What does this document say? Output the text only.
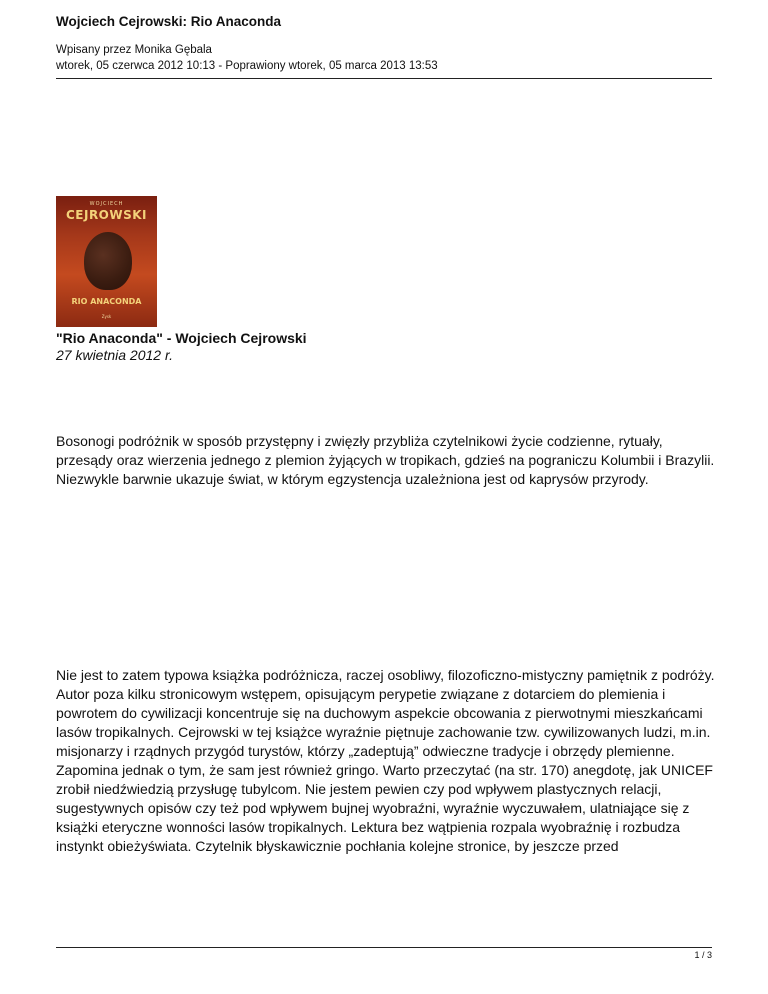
Wojciech Cejrowski: Rio Anaconda
Wpisany przez Monika Gębala
wtorek, 05 czerwca 2012 10:13 - Poprawiony wtorek, 05 marca 2013 13:53
WOJCIECH
CEJROWSKI
RIO ANACONDA
Zysk
"Rio Anaconda" - Wojciech Cejrowski
27 kwietnia 2012 r.

Bosonogi podróżnik w sposób przystępny i zwięzły przybliża czytelnikowi życie codzienne, rytuały, przesądy oraz wierzenia jednego z plemion żyjących w tropikach, gdzieś na pograniczu Kolumbii i Brazylii. Niezwykle barwnie ukazuje świat, w którym egzystencja uzależniona jest od kaprysów przyrody.

Nie jest to zatem typowa książka podróżnicza, raczej osobliwy, filozoficzno-mistyczny pamiętnik z podróży. Autor poza kilku stronicowym wstępem, opisującym perypetie związane z dotarciem do plemienia i powrotem do cywilizacji koncentruje się na duchowym aspekcie obcowania z pierwotnymi mieszkańcami lasów tropikalnych. Cejrowski w tej książce wyraźnie piętnuje zachowanie tzw. cywilizowanych ludzi, m.in. misjonarzy i rządnych przygód turystów, którzy „zadeptują” odwieczne tradycje i obrzędy plemienne. Zapomina jednak o tym, że sam jest również gringo. Warto przeczytać (na str. 170) anegdotę, jak UNICEF zrobił niedźwiedzią przysługę tubylcom. Nie jestem pewien czy pod wpływem plastycznych relacji, sugestywnych opisów czy też pod wpływem bujnej wyobraźni, wyraźnie wyczuwałem, ulatniające się z książki eteryczne wonności lasów tropikalnych. Lektura bez wątpienia rozpala wyobraźnię i rozbudza instynkt obieżyświata. Czytelnik błyskawicznie pochłania kolejne stronice, by jeszcze przed

1 / 3
